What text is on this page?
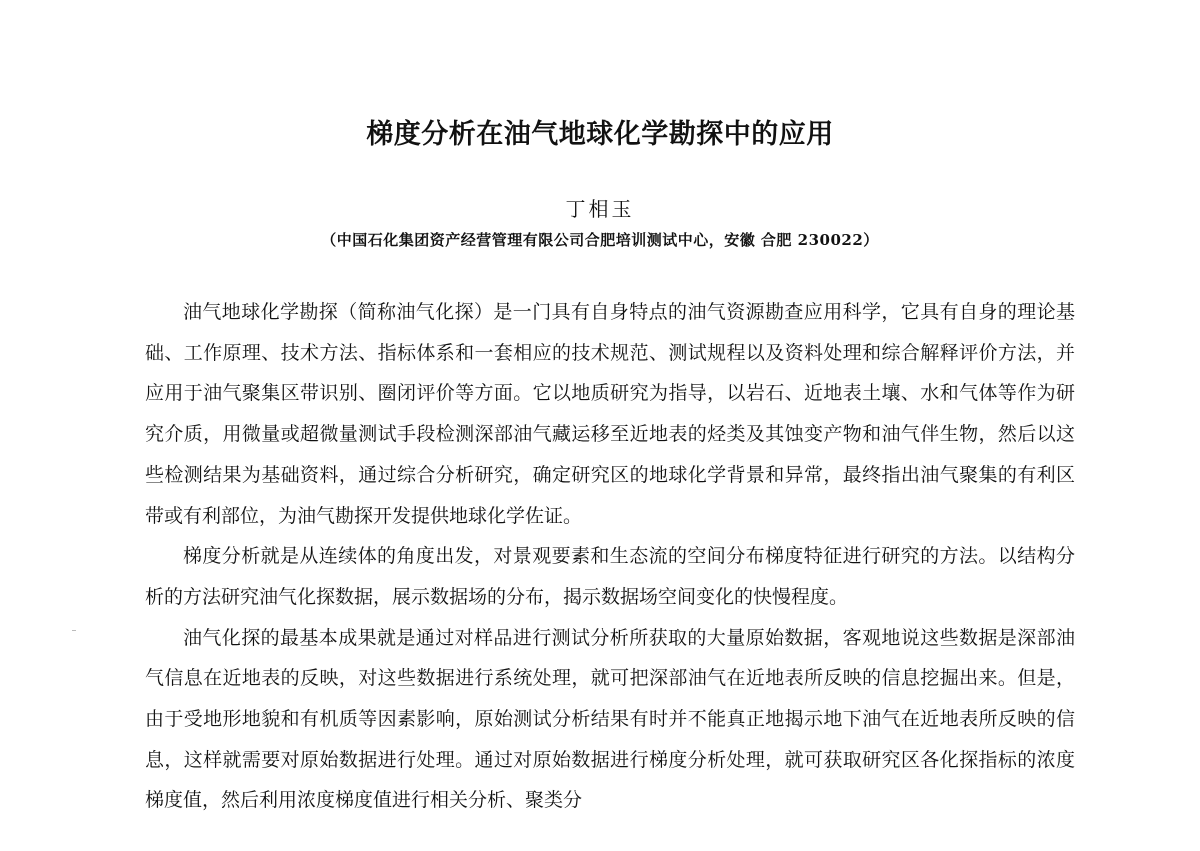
梯度分析在油气地球化学勘探中的应用
丁相玉
（中国石化集团资产经营管理有限公司合肥培训测试中心，安徽 合肥 230022）

油气地球化学勘探（简称油气化探）是一门具有自身特点的油气资源勘查应用科学，它具有自身的理论基础、工作原理、技术方法、指标体系和一套相应的技术规范、测试规程以及资料处理和综合解释评价方法，并应用于油气聚集区带识别、圈闭评价等方面。它以地质研究为指导，以岩石、近地表土壤、水和气体等作为研究介质，用微量或超微量测试手段检测深部油气藏运移至近地表的烃类及其蚀变产物和油气伴生物，然后以这些检测结果为基础资料，通过综合分析研究，确定研究区的地球化学背景和异常，最终指出油气聚集的有利区带或有利部位，为油气勘探开发提供地球化学佐证。

梯度分析就是从连续体的角度出发，对景观要素和生态流的空间分布梯度特征进行研究的方法。以结构分析的方法研究油气化探数据，展示数据场的分布，揭示数据场空间变化的快慢程度。

油气化探的最基本成果就是通过对样品进行测试分析所获取的大量原始数据，客观地说这些数据是深部油气信息在近地表的反映，对这些数据进行系统处理，就可把深部油气在近地表所反映的信息挖掘出来。但是，由于受地形地貌和有机质等因素影响，原始测试分析结果有时并不能真正地揭示地下油气在近地表所反映的信息，这样就需要对原始数据进行处理。通过对原始数据进行梯度分析处理，就可获取研究区各化探指标的浓度梯度值，然后利用浓度梯度值进行相关分析、聚类分
